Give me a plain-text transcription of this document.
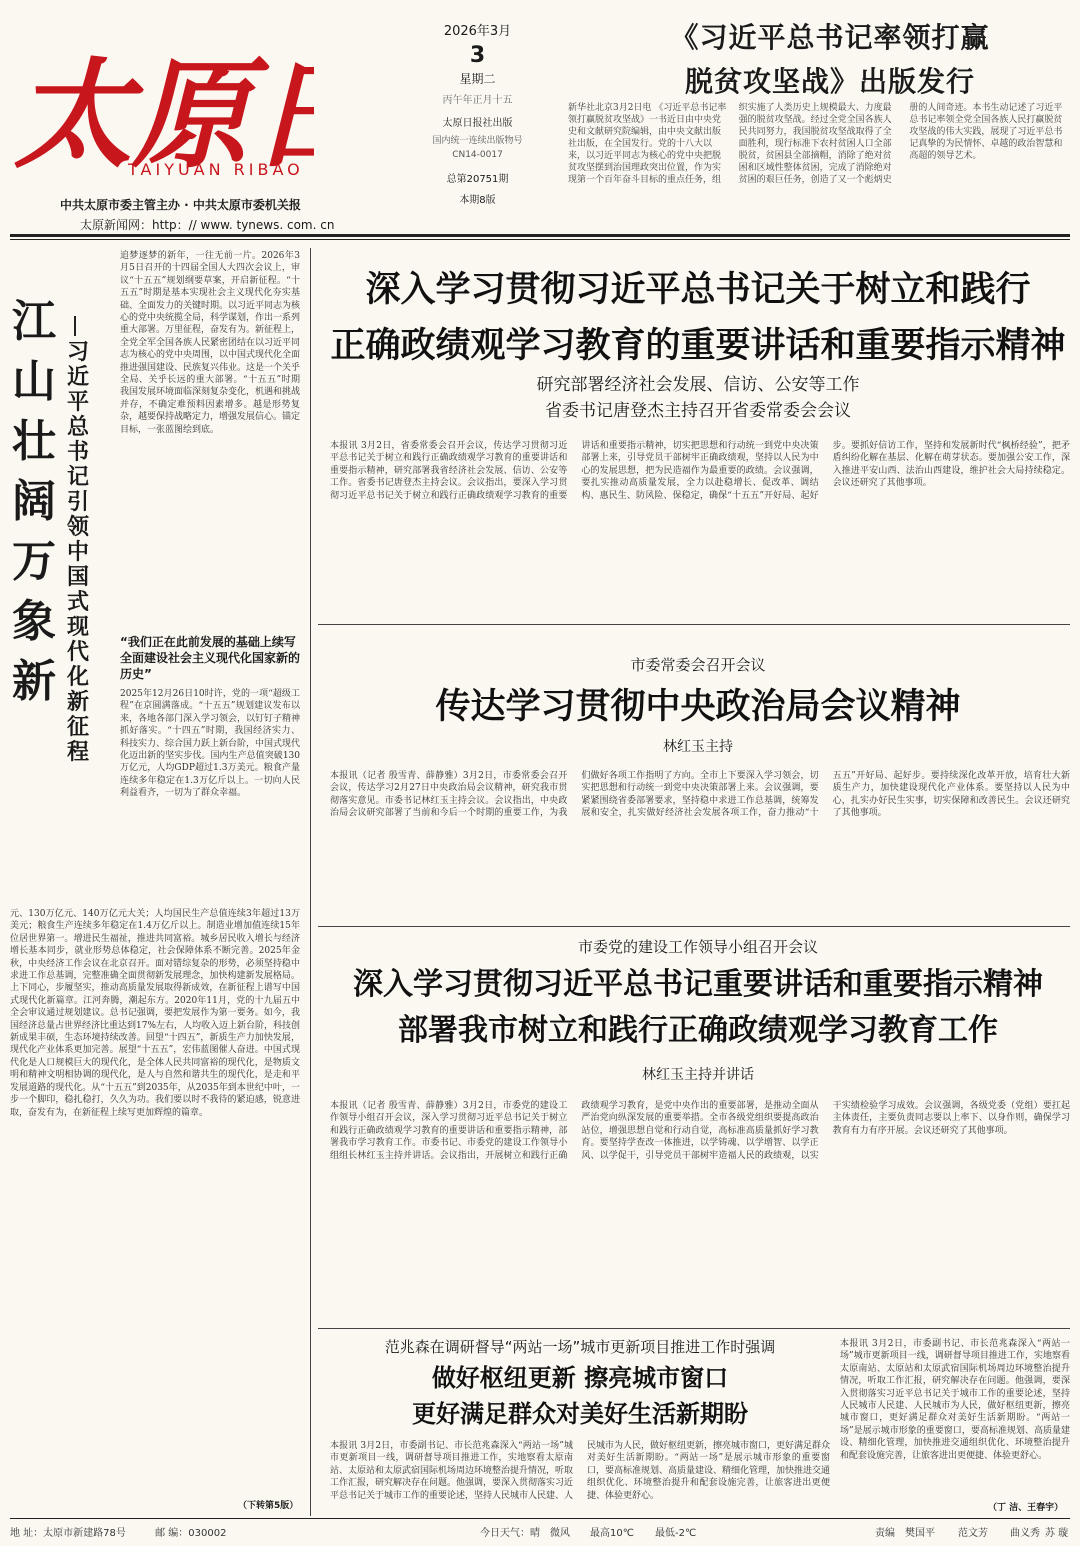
太原
TAIYUAN RIBAO
2026年3月
3
星期二
丙午年正月十五
太原日报社出版
国内统一连续出版物号
CN14-0017
总第20751期
本期8版
中共太原市委主管主办 · 中共太原市委机关报
太原新闻网：http：// www. tynews. com. cn
《习近平总书记率领打赢
脱贫攻坚战》出版发行
新华社北京3月2日电 《习近平总书记率领打赢脱贫攻坚战》一书近日由中央党史和文献研究院编辑，由中央文献出版社出版，在全国发行。党的十八大以来，以习近平同志为核心的党中央把脱贫攻坚摆到治国理政突出位置，作为实现第一个百年奋斗目标的重点任务，组织实施了人类历史上规模最大、力度最强的脱贫攻坚战。经过全党全国各族人民共同努力，我国脱贫攻坚战取得了全面胜利，现行标准下农村贫困人口全部脱贫，贫困县全部摘帽，消除了绝对贫困和区域性整体贫困，完成了消除绝对贫困的艰巨任务，创造了又一个彪炳史册的人间奇迹。本书生动记述了习近平总书记率领全党全国各族人民打赢脱贫攻坚战的伟大实践，展现了习近平总书记真挚的为民情怀、卓越的政治智慧和高超的领导艺术。
江
山
壮
阔
万
象
新
习
近
平
总
书
记
引
领
中
国
式
现
代
化
新
征
程
追梦逐梦的新年，一往无前一片。2026年3月5日召开的十四届全国人大四次会议上，审议“十五五”规划纲要草案，开启新征程。“十五五”时期是基本实现社会主义现代化夯实基础、全面发力的关键时期。以习近平同志为核心的党中央统揽全局，科学谋划，作出一系列重大部署。万里征程，奋发有为。新征程上，全党全军全国各族人民紧密团结在以习近平同志为核心的党中央周围，以中国式现代化全面推进强国建设、民族复兴伟业。这是一个关乎全局、关乎长远的重大部署。“十五五”时期我国发展环境面临深刻复杂变化，机遇和挑战并存，不确定难预料因素增多。越是形势复杂，越要保持战略定力，增强发展信心。锚定目标，一张蓝图绘到底。
“我们正在此前发展的基础上续写全面建设社会主义现代化国家新的历史”
2025年12月26日10时许，党的一项“超级工程”在京圆满落成。“十五五”规划建议发布以来，各地各部门深入学习领会，以钉钉子精神抓好落实。“十四五”时期，我国经济实力、科技实力、综合国力跃上新台阶，中国式现代化迈出新的坚实步伐。国内生产总值突破130万亿元，人均GDP超过1.3万美元。粮食产量连续多年稳定在1.3万亿斤以上。一切向人民利益看齐，一切为了群众幸福。
元、130万亿元、140万亿元大关；人均国民生产总值连续3年超过13万美元；粮食生产连续多年稳定在1.4万亿斤以上。制造业增加值连续15年位居世界第一。增进民生福祉，推进共同富裕。城乡居民收入增长与经济增长基本同步，就业形势总体稳定，社会保障体系不断完善。2025年金秋，中央经济工作会议在北京召开。面对错综复杂的形势，必须坚持稳中求进工作总基调，完整准确全面贯彻新发展理念，加快构建新发展格局。上下同心，步履坚实，推动高质量发展取得新成效，在新征程上谱写中国式现代化新篇章。江河奔腾，潮起东方。2020年11月，党的十九届五中全会审议通过规划建议。总书记强调，要把发展作为第一要务。如今，我国经济总量占世界经济比重达到17%左右，人均收入迈上新台阶，科技创新成果丰硕，生态环境持续改善。回望“十四五”，新质生产力加快发展，现代化产业体系更加完善。展望“十五五”，宏伟蓝图催人奋进。中国式现代化是人口规模巨大的现代化，是全体人民共同富裕的现代化，是物质文明和精神文明相协调的现代化，是人与自然和谐共生的现代化，是走和平发展道路的现代化。从“十五五”到2035年，从2035年到本世纪中叶，一步一个脚印，稳扎稳打，久久为功。我们要以时不我待的紧迫感，锐意进取，奋发有为，在新征程上续写更加辉煌的篇章。
（下转第5版）
深入学习贯彻习近平总书记关于树立和践行
正确政绩观学习教育的重要讲话和重要指示精神
研究部署经济社会发展、信访、公安等工作
省委书记唐登杰主持召开省委常委会会议
本报讯 3月2日，省委常委会召开会议，传达学习贯彻习近平总书记关于树立和践行正确政绩观学习教育的重要讲话和重要指示精神，研究部署我省经济社会发展、信访、公安等工作。省委书记唐登杰主持会议。会议指出，要深入学习贯彻习近平总书记关于树立和践行正确政绩观学习教育的重要讲话和重要指示精神，切实把思想和行动统一到党中央决策部署上来，引导党员干部树牢正确政绩观，坚持以人民为中心的发展思想，把为民造福作为最重要的政绩。会议强调，要扎实推动高质量发展，全力以赴稳增长、促改革、调结构、惠民生、防风险、保稳定，确保“十五五”开好局、起好步。要抓好信访工作，坚持和发展新时代“枫桥经验”，把矛盾纠纷化解在基层、化解在萌芽状态。要加强公安工作，深入推进平安山西、法治山西建设，维护社会大局持续稳定。会议还研究了其他事项。
市委常委会召开会议
传达学习贯彻中央政治局会议精神
林红玉主持
本报讯（记者 殷雪青、薛静雅）3月2日，市委常委会召开会议，传达学习2月27日中央政治局会议精神，研究我市贯彻落实意见。市委书记林红玉主持会议。会议指出，中央政治局会议研究部署了当前和今后一个时期的重要工作，为我们做好各项工作指明了方向。全市上下要深入学习领会，切实把思想和行动统一到党中央决策部署上来。会议强调，要紧紧围绕省委部署要求，坚持稳中求进工作总基调，统筹发展和安全，扎实做好经济社会发展各项工作，奋力推动“十五五”开好局、起好步。要持续深化改革开放，培育壮大新质生产力，加快建设现代化产业体系。要坚持以人民为中心，扎实办好民生实事，切实保障和改善民生。会议还研究了其他事项。
市委党的建设工作领导小组召开会议
深入学习贯彻习近平总书记重要讲话和重要指示精神
部署我市树立和践行正确政绩观学习教育工作
林红玉主持并讲话
本报讯（记者 殷雪青、薛静雅）3月2日，市委党的建设工作领导小组召开会议，深入学习贯彻习近平总书记关于树立和践行正确政绩观学习教育的重要讲话和重要指示精神，部署我市学习教育工作。市委书记、市委党的建设工作领导小组组长林红玉主持并讲话。会议指出，开展树立和践行正确政绩观学习教育，是党中央作出的重要部署，是推动全面从严治党向纵深发展的重要举措。全市各级党组织要提高政治站位，增强思想自觉和行动自觉，高标准高质量抓好学习教育。要坚持学查改一体推进，以学铸魂、以学增智、以学正风、以学促干，引导党员干部树牢造福人民的政绩观，以实干实绩检验学习成效。会议强调，各级党委（党组）要扛起主体责任，主要负责同志要以上率下、以身作则，确保学习教育有力有序开展。会议还研究了其他事项。
范兆森在调研督导“两站一场”城市更新项目推进工作时强调
做好枢纽更新 擦亮城市窗口
更好满足群众对美好生活新期盼
本报讯 3月2日，市委副书记、市长范兆森深入“两站一场”城市更新项目一线，调研督导项目推进工作，实地察看太原南站、太原站和太原武宿国际机场周边环境整治提升情况，听取工作汇报，研究解决存在问题。他强调，要深入贯彻落实习近平总书记关于城市工作的重要论述，坚持人民城市人民建、人民城市为人民，做好枢纽更新，擦亮城市窗口，更好满足群众对美好生活新期盼。“两站一场”是展示城市形象的重要窗口，要高标准规划、高质量建设、精细化管理，加快推进交通组织优化、环境整治提升和配套设施完善，让旅客进出更便捷、体验更舒心。
本报讯 3月2日，市委副书记、市长范兆森深入“两站一场”城市更新项目一线，调研督导项目推进工作，实地察看太原南站、太原站和太原武宿国际机场周边环境整治提升情况，听取工作汇报，研究解决存在问题。他强调，要深入贯彻落实习近平总书记关于城市工作的重要论述，坚持人民城市人民建、人民城市为人民，做好枢纽更新，擦亮城市窗口，更好满足群众对美好生活新期盼。“两站一场”是展示城市形象的重要窗口，要高标准规划、高质量建设、精细化管理，加快推进交通组织优化、环境整治提升和配套设施完善，让旅客进出更便捷、体验更舒心。
（丁 洁、王春宇）
地 址：太原市新建路78号	邮 编：030002	今日天气：晴 微风 最高10℃ 最低-2℃	责编 樊国平 范文芳 曲义秀 苏 璇
